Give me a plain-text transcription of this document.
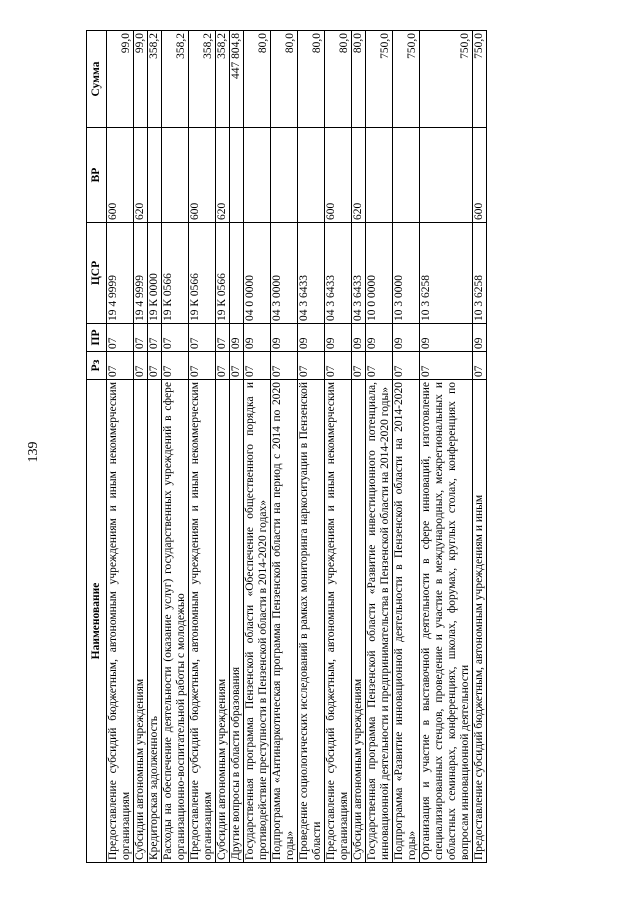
139
Наименование	Рз	ПР	ЦСР	ВР	Сумма
Предоставление субсидий бюджетным, автономным учреждениям и иным некоммерческим организациям	07	07	19 4 9999	600	99,0
Субсидии автономным учреждениям	07	07	19 4 9999	620	99,0
Кредиторская задолженность	07	07	19 К 0000		358,2
Расходы на обеспечение деятельности (оказание услуг) государственных учреждений в сфере организационно-воспитательной работы с молодежью	07	07	19 К 0566		358,2
Предоставление субсидий бюджетным, автономным учреждениям и иным некоммерческим организациям	07	07	19 К 0566	600	358,2
Субсидии автономным учреждениям	07	07	19 К 0566	620	358,2
Другие вопросы в области образования	07	09			447 804,8
Государственная программа Пензенской области «Обеспечение общественного порядка и противодействие преступности в Пензенской области в 2014-2020 годах»	07	09	04 0 0000		80,0
Подпрограмма «Антинаркотическая программа Пензенской области на период с 2014 по 2020 годы»	07	09	04 3 0000		80,0
Проведение социологических исследований в рамках мониторинга наркоситуации в Пензенской области	07	09	04 3 6433		80,0
Предоставление субсидий бюджетным, автономным учреждениям и иным некоммерческим организациям	07	09	04 3 6433	600	80,0
Субсидии автономным учреждениям	07	09	04 3 6433	620	80,0
Государственная программа Пензенской области «Развитие инвестиционного потенциала, инновационной деятельности и предпринимательства в Пензенской области на 2014-2020 годы»	07	09	10 0 0000		750,0
Подпрограмма «Развитие инновационной деятельности в Пензенской области на 2014-2020 годы»	07	09	10 3 0000		750,0
Организация и участие в выставочной деятельности в сфере инноваций, изготовление специализированных стендов, проведение и участие в международных, межрегиональных и областных семинарах, конференциях, школах, форумах, круглых столах, конференциях по вопросам инновационной деятельности	07	09	10 3 6258		750,0
Предоставление субсидий бюджетным, автономным учреждениям и иным	07	09	10 3 6258	600	750,0
